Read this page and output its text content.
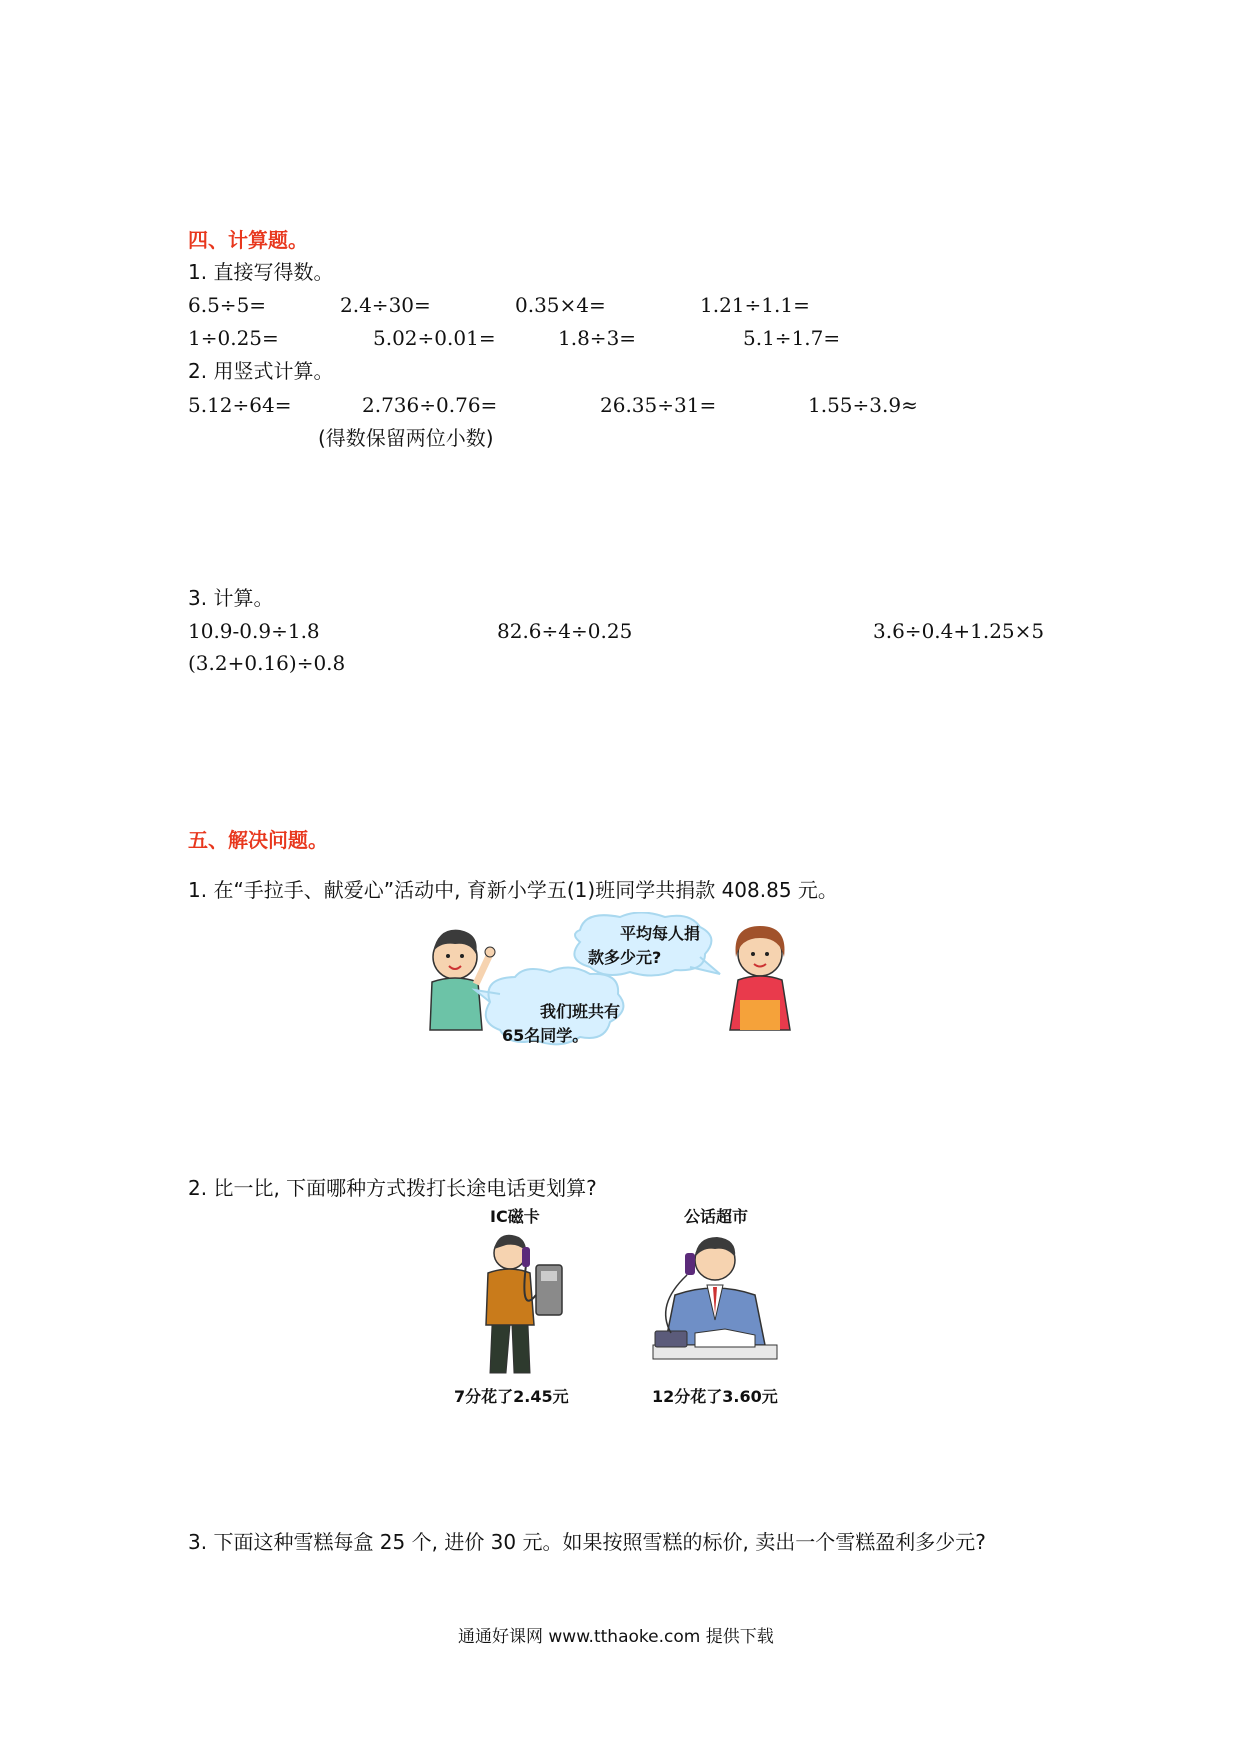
四、计算题。
1. 直接写得数。
6.5÷5=	2.4÷30=	0.35×4=	1.21÷1.1=
1÷0.25=	5.02÷0.01=	1.8÷3=	5.1÷1.7=
2. 用竖式计算。
5.12÷64=	2.736÷0.76=	26.35÷31=	1.55÷3.9≈
(得数保留两位小数)
3. 计算。
10.9-0.9÷1.8	82.6÷4÷0.25	3.6÷0.4+1.25×5
(3.2+0.16)÷0.8
五、解决问题。
1. 在“手拉手、献爱心”活动中, 育新小学五(1)班同学共捐款 408.85 元。
平均每人捐
款多少元?
我们班共有
65名同学。
2. 比一比, 下面哪种方式拨打长途电话更划算?
IC磁卡
7分花了2.45元
公话超市
12分花了3.60元
3. 下面这种雪糕每盒 25 个, 进价 30 元。如果按照雪糕的标价, 卖出一个雪糕盈利多少元?
通通好课网 www.tthaoke.com 提供下载
